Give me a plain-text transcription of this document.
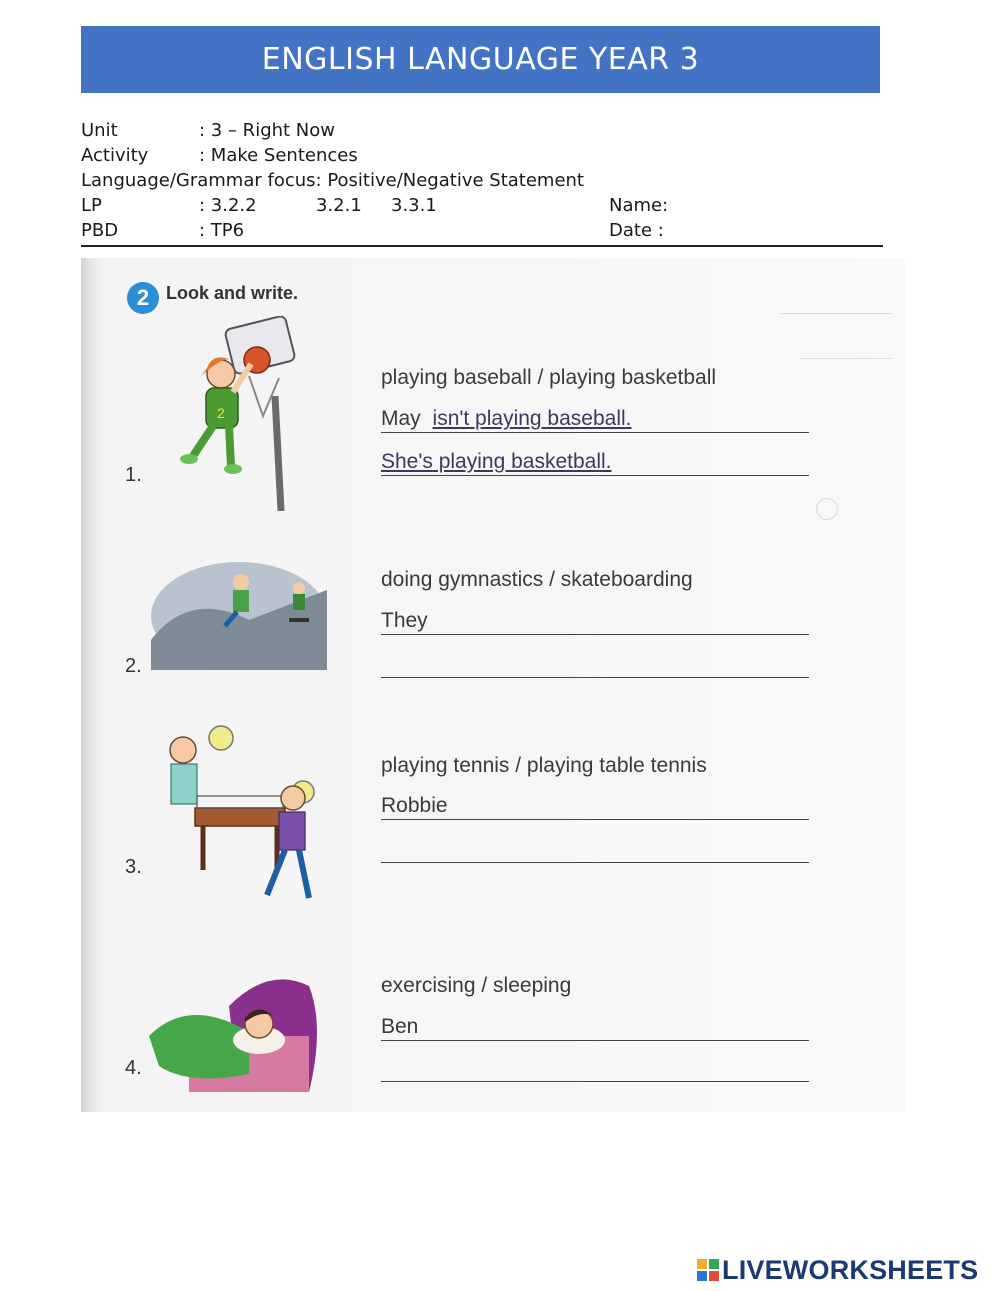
ENGLISH LANGUAGE YEAR 3
Unit	: 3 – Right Now
Activity	: Make Sentences
Language/Grammar focus: Positive/Negative Statement
LP	: 3.2.2	3.2.1 3.3.1	Name:
PBD	: TP6	Date :
2 Look and write.
2
1.
playing baseball / playing basketball
May isn't playing baseball.
She's playing basketball.
2.
doing gymnastics / skateboarding
They
3.
playing tennis / playing table tennis
Robbie
4.
exercising / sleeping
Ben
LIVEWORKSHEETS
